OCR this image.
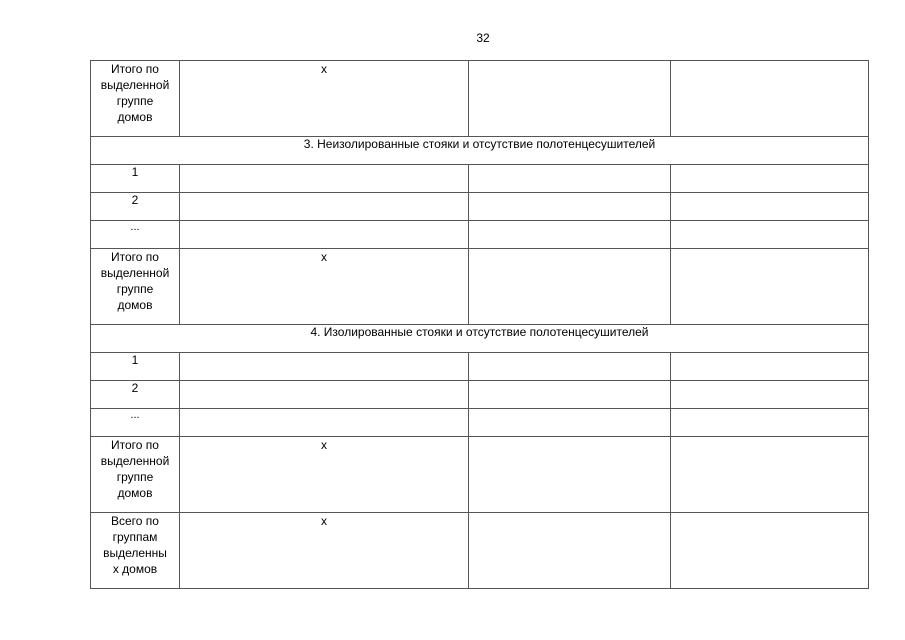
32
Итого по
выделенной
группе
домов	х		
3. Неизолированные стояки и отсутствие полотенцесушителей			
1			
2			
...			

Итого по
выделенной
группе
домов	х		
4. Изолированные стояки и отсутствие полотенцесушителей			
1			
2			
...			

Итого по
выделенной
группе
домов	х		

Всего по
группам
выделенны
х домов	х		
